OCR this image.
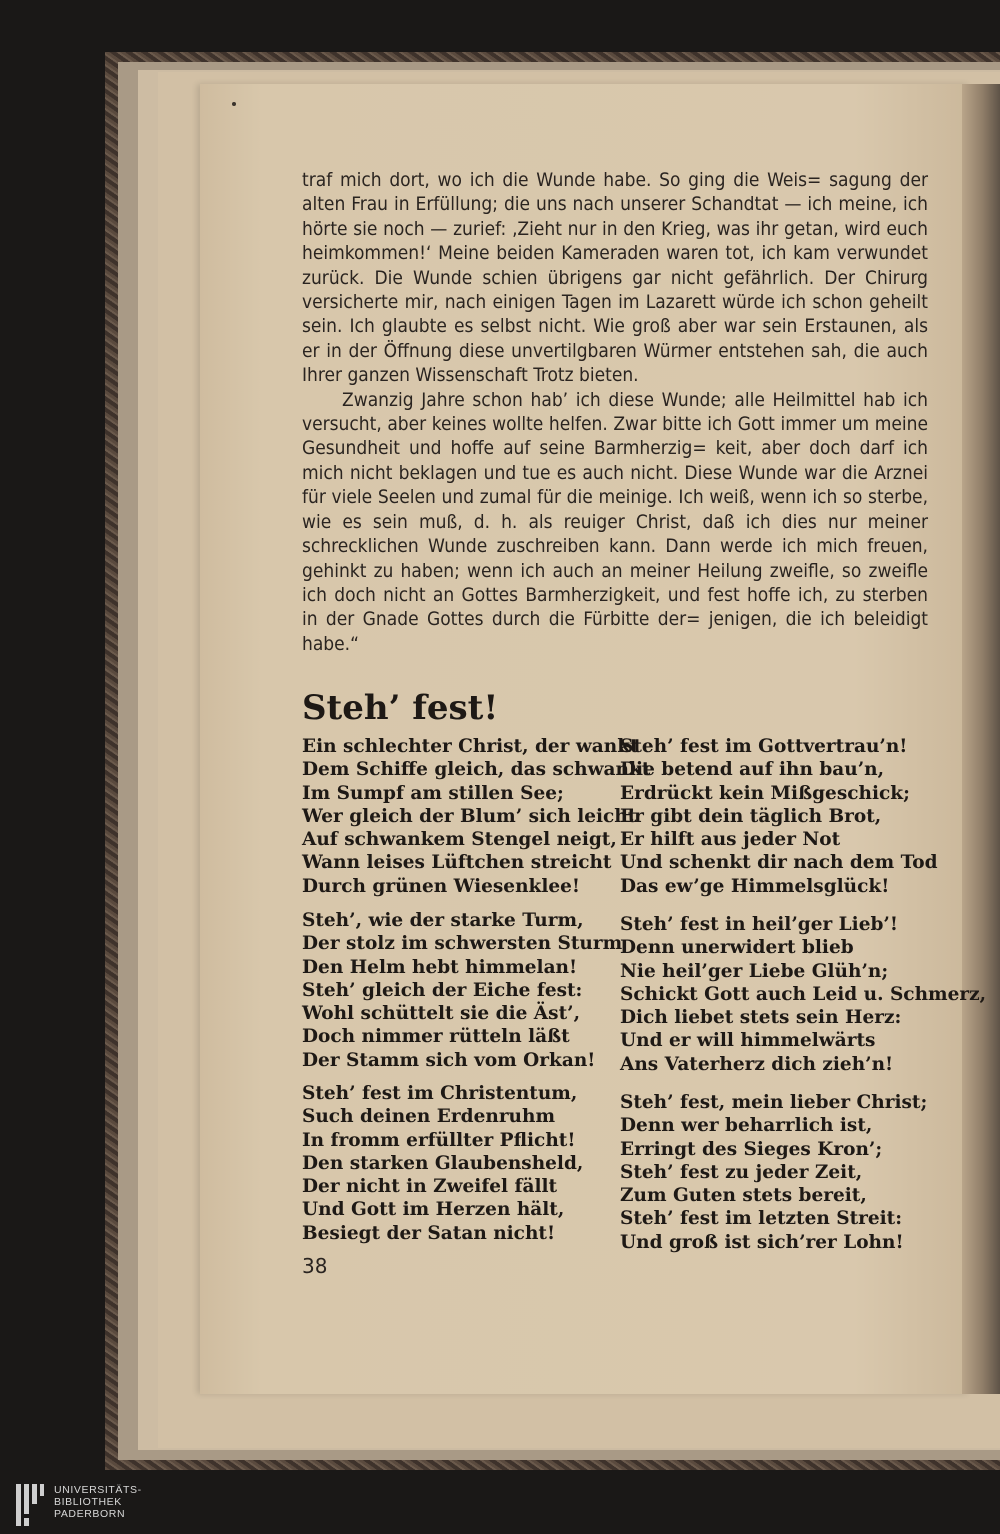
traf mich dort, wo ich die Wunde habe. So ging die Weis= sagung der alten Frau in Erfüllung; die uns nach unserer Schandtat — ich meine, ich hörte sie noch — zurief: ‚Zieht nur in den Krieg, was ihr getan, wird euch heimkommen!‘ Meine beiden Kameraden waren tot, ich kam verwundet zurück. Die Wunde schien übrigens gar nicht gefährlich. Der Chirurg versicherte mir, nach einigen Tagen im Lazarett würde ich schon geheilt sein. Ich glaubte es selbst nicht. Wie groß aber war sein Erstaunen, als er in der Öffnung diese unvertilgbaren Würmer entstehen sah, die auch Ihrer ganzen Wissenschaft Trotz bieten.

Zwanzig Jahre schon hab’ ich diese Wunde; alle Heilmittel hab ich versucht, aber keines wollte helfen. Zwar bitte ich Gott immer um meine Gesundheit und hoffe auf seine Barmherzig= keit, aber doch darf ich mich nicht beklagen und tue es auch nicht. Diese Wunde war die Arznei für viele Seelen und zumal für die meinige. Ich weiß, wenn ich so sterbe, wie es sein muß, d. h. als reuiger Christ, daß ich dies nur meiner schrecklichen Wunde zuschreiben kann. Dann werde ich mich freuen, gehinkt zu haben; wenn ich auch an meiner Heilung zweifle, so zweifle ich doch nicht an Gottes Barmherzigkeit, und fest hoffe ich, zu sterben in der Gnade Gottes durch die Fürbitte der= jenigen, die ich beleidigt habe.“

Steh’ fest!
Ein schlechter Christ, der wankt
Dem Schiffe gleich, das schwankt
Im Sumpf am stillen See;
Wer gleich der Blum’ sich leicht
Auf schwankem Stengel neigt,
Wann leises Lüftchen streicht
Durch grünen Wiesenklee!
Steh’, wie der starke Turm,
Der stolz im schwersten Sturm
Den Helm hebt himmelan!
Steh’ gleich der Eiche fest:
Wohl schüttelt sie die Äst’,
Doch nimmer rütteln läßt
Der Stamm sich vom Orkan!
Steh’ fest im Christentum,
Such deinen Erdenruhm
In fromm erfüllter Pflicht!
Den starken Glaubensheld,
Der nicht in Zweifel fällt
Und Gott im Herzen hält,
Besiegt der Satan nicht!
Steh’ fest im Gottvertrau’n!
Die betend auf ihn bau’n,
Erdrückt kein Mißgeschick;
Er gibt dein täglich Brot,
Er hilft aus jeder Not
Und schenkt dir nach dem Tod
Das ew’ge Himmelsglück!
Steh’ fest in heil’ger Lieb’!
Denn unerwidert blieb
Nie heil’ger Liebe Glüh’n;
Schickt Gott auch Leid u. Schmerz,
Dich liebet stets sein Herz:
Und er will himmelwärts
Ans Vaterherz dich zieh’n!
Steh’ fest, mein lieber Christ;
Denn wer beharrlich ist,
Erringt des Sieges Kron’;
Steh’ fest zu jeder Zeit,
Zum Guten stets bereit,
Steh’ fest im letzten Streit:
Und groß ist sich’rer Lohn!
38
UNIVERSITÄTS-
BIBLIOTHEK
PADERBORN
